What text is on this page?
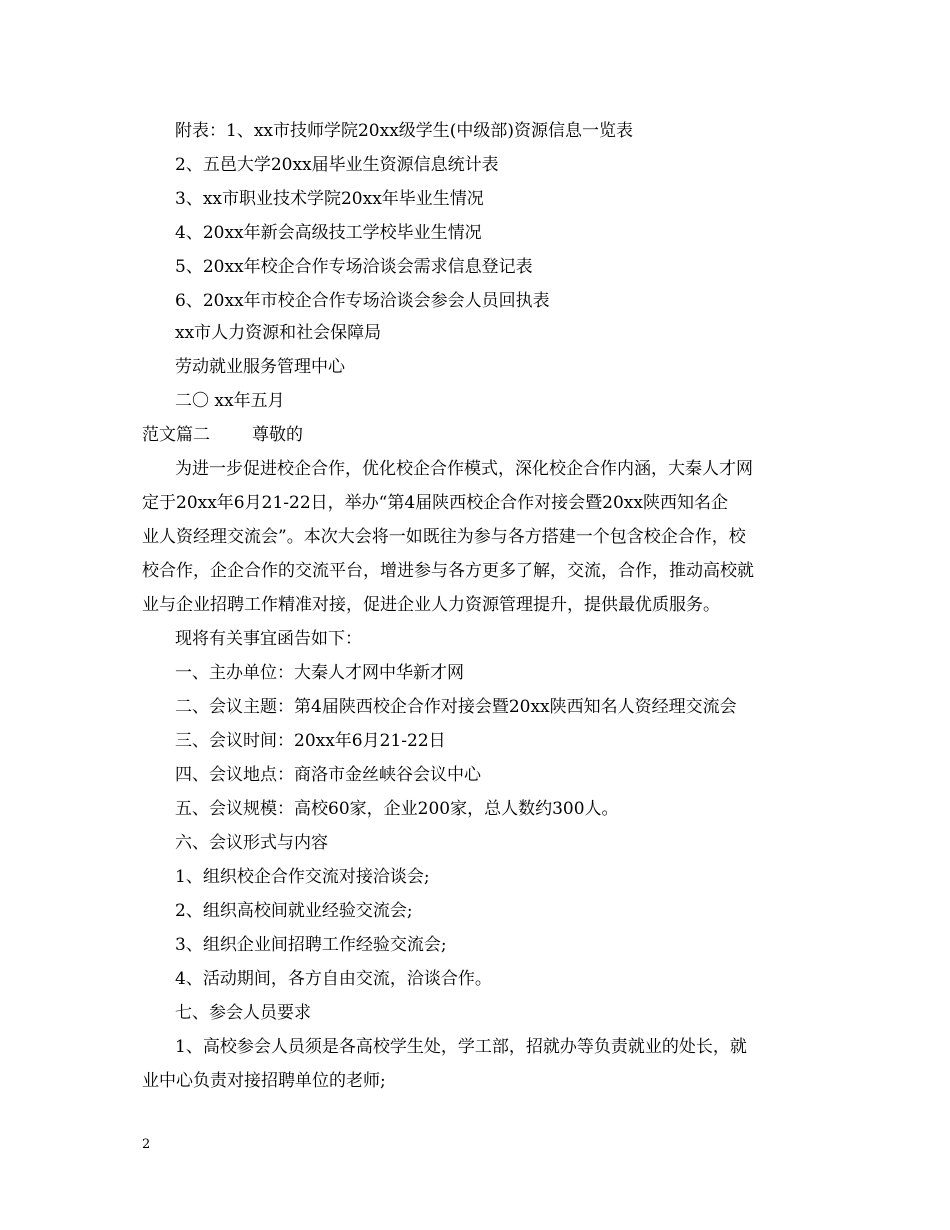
附表：1、xx市技师学院20xx级学生(中级部)资源信息一览表
2、五邑大学20xx届毕业生资源信息统计表
3、xx市职业技术学院20xx年毕业生情况
4、20xx年新会高级技工学校毕业生情况
5、20xx年校企合作专场洽谈会需求信息登记表
6、20xx年市校企合作专场洽谈会参会人员回执表
xx市人力资源和社会保障局
劳动就业服务管理中心
二〇 xx年五月
范文篇二 尊敬的
为进一步促进校企合作，优化校企合作模式，深化校企合作内涵，大秦人才网
定于20xx年6月21-22日，举办“第4届陕西校企合作对接会暨20xx陕西知名企
业人资经理交流会”。本次大会将一如既往为参与各方搭建一个包含校企合作，校
校合作，企企合作的交流平台，增进参与各方更多了解，交流，合作，推动高校就
业与企业招聘工作精准对接，促进企业人力资源管理提升，提供最优质服务。
现将有关事宜函告如下：
一、主办单位：大秦人才网中华新才网
二、会议主题：第4届陕西校企合作对接会暨20xx陕西知名人资经理交流会
三、会议时间：20xx年6月21-22日
四、会议地点：商洛市金丝峡谷会议中心
五、会议规模：高校60家，企业200家，总人数约300人。
六、会议形式与内容
1、组织校企合作交流对接洽谈会;
2、组织高校间就业经验交流会;
3、组织企业间招聘工作经验交流会;
4、活动期间，各方自由交流，洽谈合作。
七、参会人员要求
1、高校参会人员须是各高校学生处，学工部，招就办等负责就业的处长，就
业中心负责对接招聘单位的老师;
2
